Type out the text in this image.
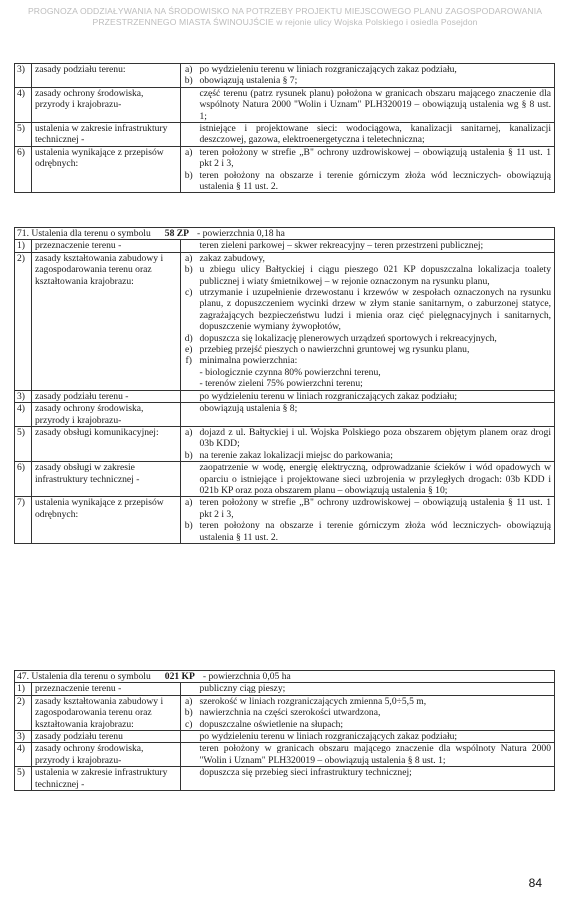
PROGNOZA ODDZIAŁYWANIA NA ŚRODOWISKO NA POTRZEBY PROJEKTU MIEJSCOWEGO PLANU ZAGOSPODAROWANIA
PRZESTRZENNEGO MIASTA ŚWINOUJŚCIE w rejonie ulicy Wojska Polskiego i osiedla Posejdon
3)	zasady podziału terenu:	a)	po wydzieleniu terenu w liniach rozgraniczających zakaz podziału,
		b)	obowiązują ustalenia § 7;
4)	zasady ochrony środowiska, przyrody i krajobrazu-		część terenu (patrz rysunek planu) położona w granicach obszaru mającego znaczenie dla wspólnoty Natura 2000 "Wolin i Uznam" PLH320019 – obowiązują ustalenia wg § 8 ust. 1;
5)	ustalenia w zakresie infrastruktury technicznej -		istniejące i projektowane sieci: wodociągowa, kanalizacji sanitarnej, kanalizacji deszczowej, gazowa, elektroenergetyczna i teletechniczna;
6)	ustalenia wynikające z przepisów odrębnych:	a)	teren położony w strefie „B" ochrony uzdrowiskowej – obowiązują ustalenia § 11 ust. 1 pkt 2 i 3,
		b)	teren położony na obszarze i terenie górniczym złoża wód leczniczych- obowiązują ustalenia § 11 ust. 2.
71. Ustalenia dla terenu o symbolu 58 ZP - powierzchnia 0,18 ha			
1)	przeznaczenie terenu -		teren zieleni parkowej – skwer rekreacyjny – teren przestrzeni publicznej;
2)	zasady kształtowania zabudowy i zagospodarowania terenu oraz kształtowania krajobrazu:	a)	zakaz zabudowy,
		b)	u zbiegu ulicy Bałtyckiej i ciągu pieszego 021 KP dopuszczalna lokalizacja toalety publicznej i wiaty śmietnikowej – w rejonie oznaczonym na rysunku planu,
		c)	utrzymanie i uzupełnienie drzewostanu i krzewów w zespołach oznaczonych na rysunku planu, z dopuszczeniem wycinki drzew w złym stanie sanitarnym, o zaburzonej statyce, zagrażających bezpieczeństwu ludzi i mienia oraz cięć pielęgnacyjnych i sanitarnych, dopuszczenie wymiany żywopłotów,
		d)	dopuszcza się lokalizację plenerowych urządzeń sportowych i rekreacyjnych,
		e)	przebieg przejść pieszych o nawierzchni gruntowej wg rysunku planu,
		f)	minimalna powierzchnia:
			- biologicznie czynna 80% powierzchni terenu,
			- terenów zieleni 75% powierzchni terenu;
3)	zasady podziału terenu -		po wydzieleniu terenu w liniach rozgraniczających zakaz podziału;
4)	zasady ochrony środowiska, przyrody i krajobrazu-		obowiązują ustalenia § 8;
5)	zasady obsługi komunikacyjnej:	a)	dojazd z ul. Bałtyckiej i ul. Wojska Polskiego poza obszarem objętym planem oraz drogi 03b KDD;
		b)	na terenie zakaz lokalizacji miejsc do parkowania;
6)	zasady obsługi w zakresie infrastruktury technicznej -		zaopatrzenie w wodę, energię elektryczną, odprowadzanie ścieków i wód opadowych w oparciu o istniejące i projektowane sieci uzbrojenia w przyległych drogach: 03b KDD i 021b KP oraz poza obszarem planu – obowiązują ustalenia § 10;
7)	ustalenia wynikające z przepisów odrębnych:	a)	teren położony w strefie „B" ochrony uzdrowiskowej – obowiązują ustalenia § 11 ust. 1 pkt 2 i 3,
		b)	teren położony na obszarze i terenie górniczym złoża wód leczniczych- obowiązują ustalenia § 11 ust. 2.
47. Ustalenia dla terenu o symbolu 021 KP - powierzchnia 0,05 ha			
1)	przeznaczenie terenu -		publiczny ciąg pieszy;
2)	zasady kształtowania zabudowy i zagospodarowania terenu oraz kształtowania krajobrazu:	a)	szerokość w liniach rozgraniczających zmienna 5,0÷5,5 m,
		b)	nawierzchnia na części szerokości utwardzona,
		c)	dopuszczalne oświetlenie na słupach;
3)	zasady podziału terenu		po wydzieleniu terenu w liniach rozgraniczających zakaz podziału;
4)	zasady ochrony środowiska, przyrody i krajobrazu-		teren położony w granicach obszaru mającego znaczenie dla wspólnoty Natura 2000 "Wolin i Uznam" PLH320019 – obowiązują ustalenia § 8 ust. 1;
5)	ustalenia w zakresie infrastruktury technicznej -		dopuszcza się przebieg sieci infrastruktury technicznej;
84
